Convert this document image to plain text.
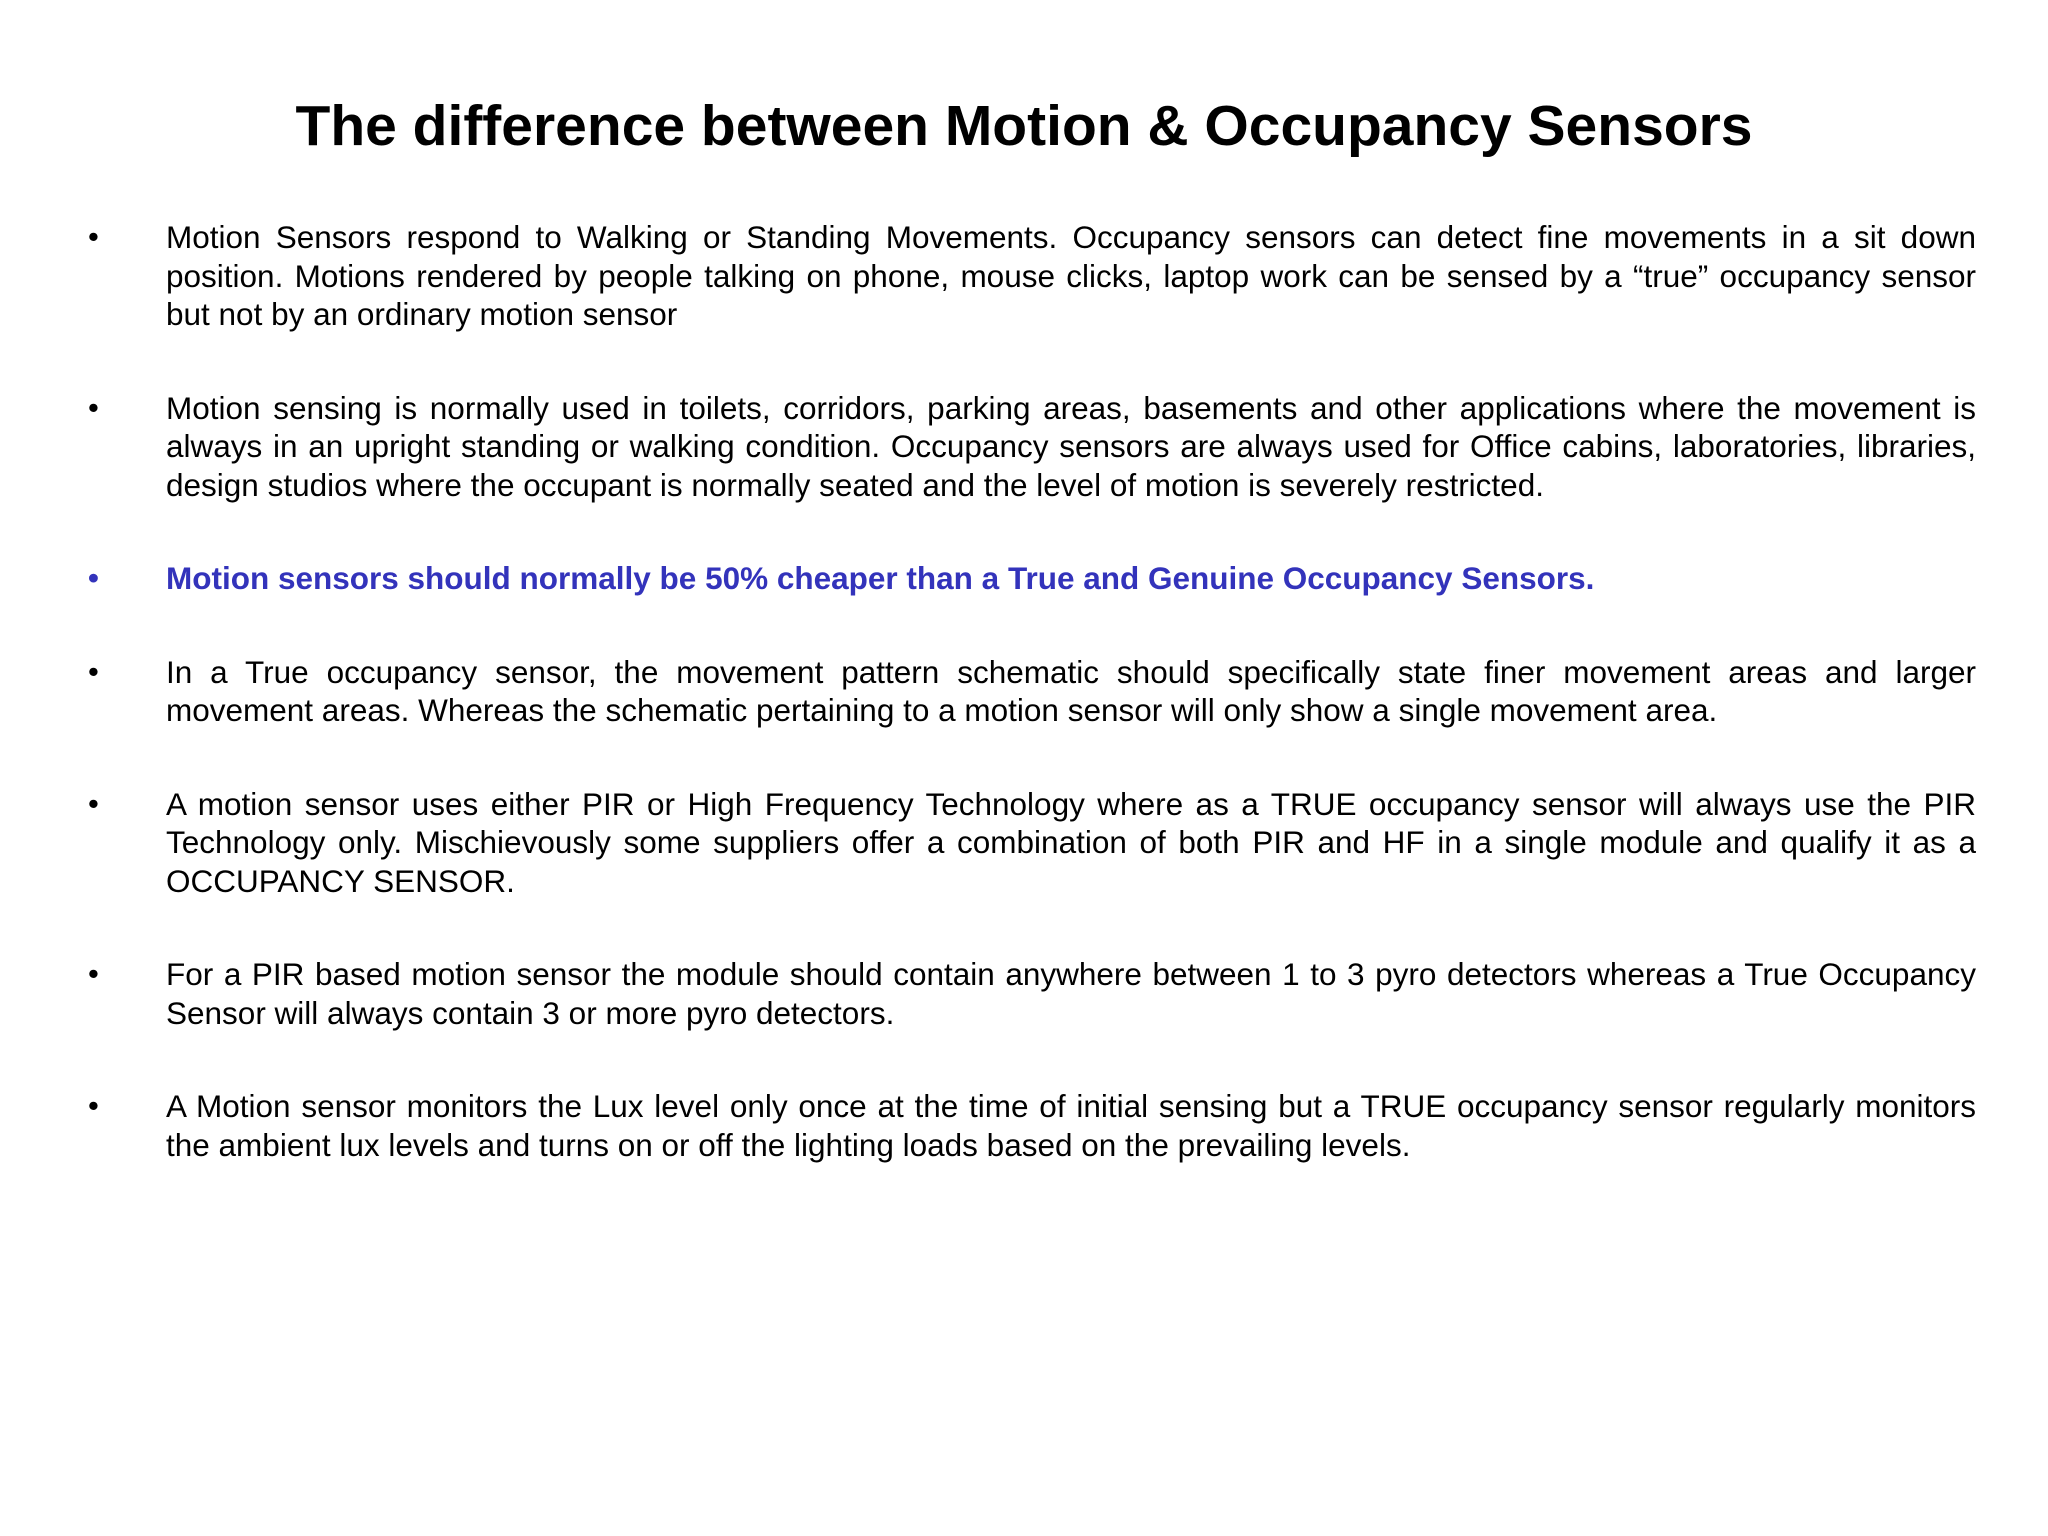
The difference between Motion & Occupancy Sensors
•	Motion Sensors respond to Walking or Standing Movements. Occupancy sensors can detect fine movements in a sit down position. Motions rendered by people talking on phone, mouse clicks, laptop work can be sensed by a “true” occupancy sensor but not by an ordinary motion sensor
•	Motion sensing is normally used in toilets, corridors, parking areas, basements and other applications where the movement is always in an upright standing or walking condition. Occupancy sensors are always used for Office cabins, laboratories, libraries, design studios where the occupant is normally seated and the level of motion is severely restricted.
•	Motion sensors should normally be 50% cheaper than a True and Genuine Occupancy Sensors.
•	In a True occupancy sensor, the movement pattern schematic should specifically state finer movement areas and larger movement areas. Whereas the schematic pertaining to a motion sensor will only show a single movement area.
•	A motion sensor uses either PIR or High Frequency Technology where as a TRUE occupancy sensor will always use the PIR Technology only. Mischievously some suppliers offer a combination of both PIR and HF in a single module and qualify it as a OCCUPANCY SENSOR.
•	For a PIR based motion sensor the module should contain anywhere between 1 to 3 pyro detectors whereas a True Occupancy Sensor will always contain 3 or more pyro detectors.
•	A Motion sensor monitors the Lux level only once at the time of initial sensing but a TRUE occupancy sensor regularly monitors the ambient lux levels and turns on or off the lighting loads based on the prevailing levels.
